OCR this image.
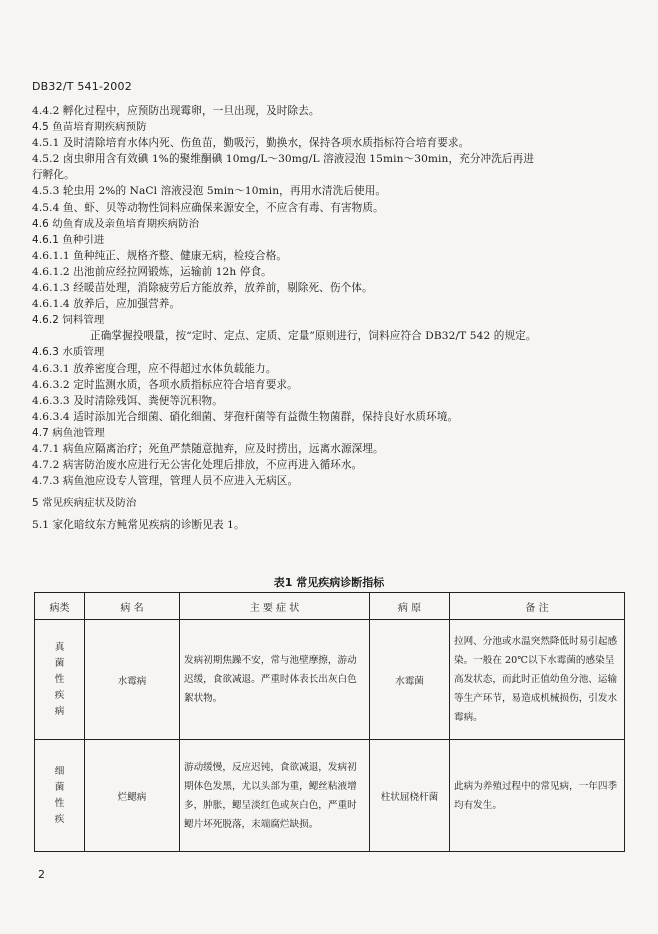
DB32/T 541-2002
4.4.2 孵化过程中，应预防出现霉卵，一旦出现，及时除去。
4.5 鱼苗培育期疾病预防
4.5.1 及时清除培育水体内死、伤鱼苗，勤吸污，勤换水，保持各项水质指标符合培育要求。
4.5.2 卤虫卵用含有效碘 1%的聚维酮碘 10mg/L～30mg/L 溶液浸泡 15min～30min，充分冲洗后再进
行孵化。
4.5.3 轮虫用 2%的 NaCl 溶液浸泡 5min～10min，再用水清洗后使用。
4.5.4 鱼、虾、贝等动物性饲料应确保来源安全，不应含有毒、有害物质。
4.6 幼鱼育成及亲鱼培育期疾病防治
4.6.1 鱼种引进
4.6.1.1 鱼种纯正、规格齐整、健康无病，检疫合格。
4.6.1.2 出池前应经拉网锻炼，运输前 12h 停食。
4.6.1.3 经暖苗处理，消除疲劳后方能放养，放养前，剔除死、伤个体。
4.6.1.4 放养后，应加强营养。
4.6.2 饲料管理
正确掌握投喂量，按“定时、定点、定质、定量”原则进行，饲料应符合 DB32/T 542 的规定。
4.6.3 水质管理
4.6.3.1 放养密度合理，应不得超过水体负载能力。
4.6.3.2 定时监测水质，各项水质指标应符合培育要求。
4.6.3.3 及时清除残饵、粪便等沉积物。
4.6.3.4 适时添加光合细菌、硝化细菌、芽孢杆菌等有益微生物菌群，保持良好水质环境。
4.7 病鱼池管理
4.7.1 病鱼应隔离治疗；死鱼严禁随意抛弃，应及时捞出，远离水源深埋。
4.7.2 病害防治废水应进行无公害化处理后排放，不应再进入循环水。
4.7.3 病鱼池应设专人管理，管理人员不应进入无病区。
5 常见疾病症状及防治
5.1 家化暗纹东方鲀常见疾病的诊断见表 1。
表1 常见疾病诊断指标
病类	病 名	主 要 症 状	病 原	备 注

真
菌
性
疾
病	水霉病	发病初期焦躁不安，常与池壁摩擦，游动迟缓，食欲减退。严重时体表长出灰白色絮状物。	水霉菌	拉网、分池或水温突然降低时易引起感染。一般在 20℃以下水霉菌的感染呈高发状态，而此时正值幼鱼分池、运输等生产环节，易造成机械损伤，引发水霉病。

细
菌
性
疾	烂鳃病	游动缓慢，反应迟钝，食欲减退，发病初期体色发黑，尤以头部为重，鳃丝粘液增多，肿胀，鳃呈淡红色或灰白色，严重时鳃片坏死脱落，末端腐烂缺损。	柱状屈桡杆菌	此病为养殖过程中的常见病，一年四季均有发生。
2
